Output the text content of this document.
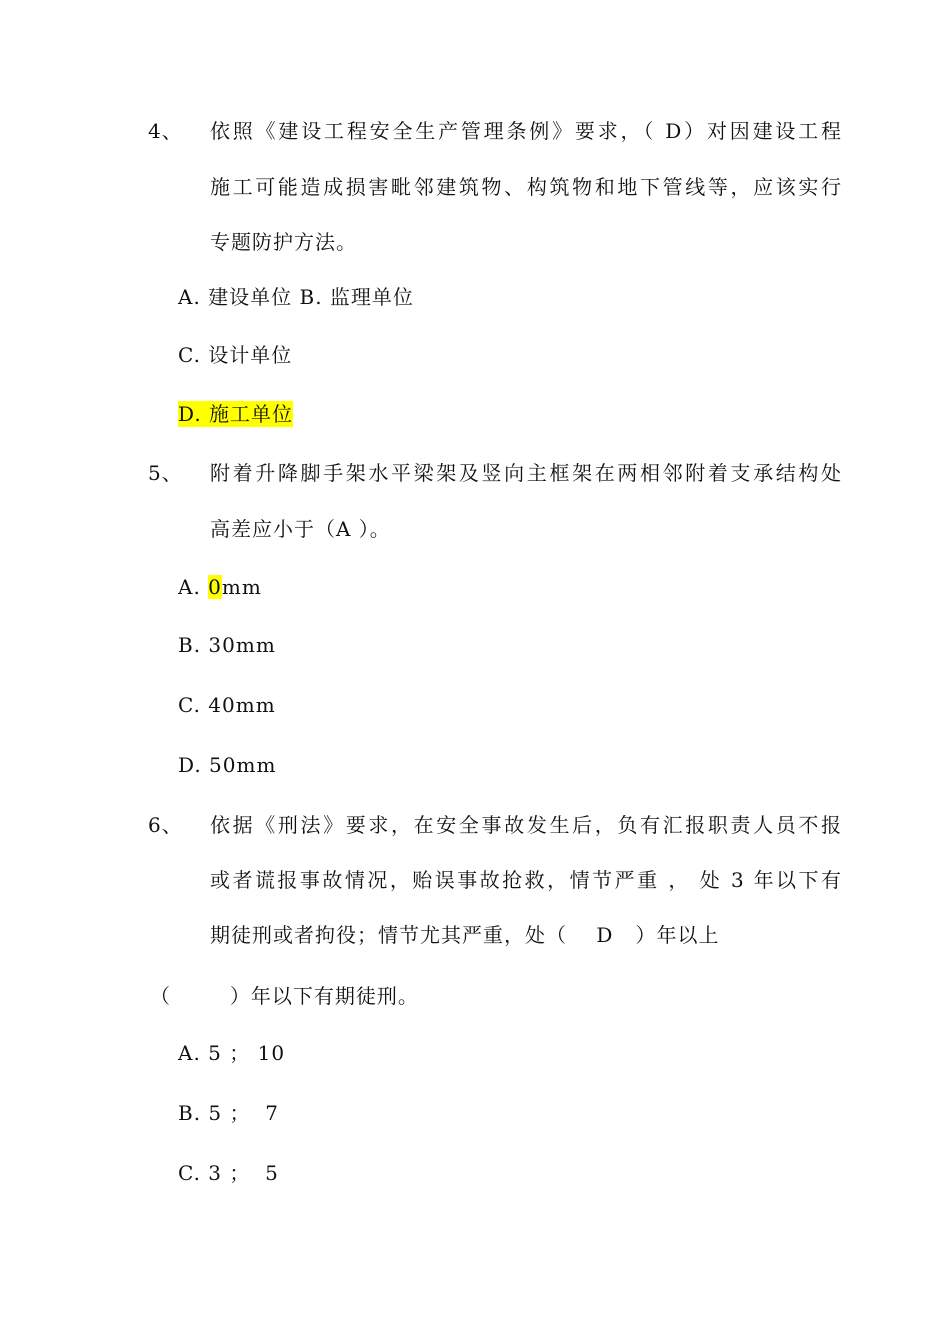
4、 依照《建设工程安全生产管理条例》要求，（ D）对因建设工程
施工可能造成损害毗邻建筑物、构筑物和地下管线等，应该实行
专题防护方法。
A. 建设单位 B. 监理单位
C. 设计单位
D. 施工单位
5、 附着升降脚手架水平梁架及竖向主框架在两相邻附着支承结构处
高差应小于（A ）。
A. 0mm
B. 30mm
C. 40mm
D. 50mm
6、 依据《刑法》要求，在安全事故发生后，负有汇报职责人员不报
或者谎报事故情况，贻误事故抢救，情节严重 ， 处 3 年以下有
期徒刑或者拘役；情节尤其严重，处（    D   ）年以上
（        ）年以下有期徒刑。
A. 5 ； 10
B. 5 ；  7
C. 3 ；  5
